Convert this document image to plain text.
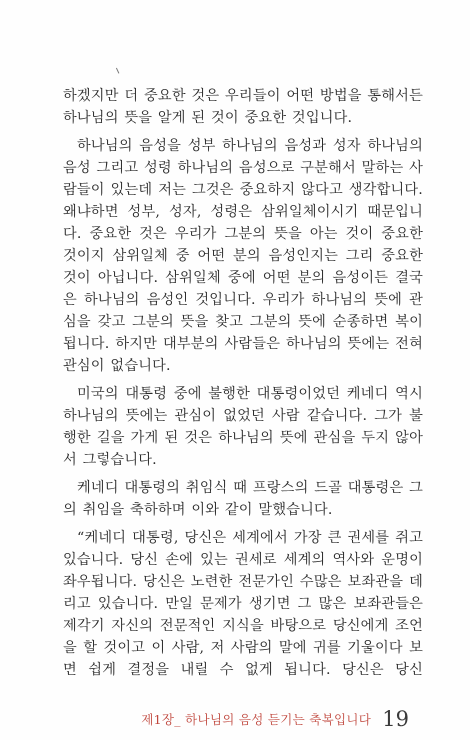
하겠지만 더 중요한 것은 우리들이 어떤 방법을 통해서든 하나님의 뜻을 알게 된 것이 중요한 것입니다.

하나님의 음성을 성부 하나님의 음성과 성자 하나님의 음성 그리고 성령 하나님의 음성으로 구분해서 말하는 사람들이 있는데 저는 그것은 중요하지 않다고 생각합니다. 왜냐하면 성부, 성자, 성령은 삼위일체이시기 때문입니다. 중요한 것은 우리가 그분의 뜻을 아는 것이 중요한 것이지 삼위일체 중 어떤 분의 음성인지는 그리 중요한 것이 아닙니다. 삼위일체 중에 어떤 분의 음성이든 결국은 하나님의 음성인 것입니다. 우리가 하나님의 뜻에 관심을 갖고 그분의 뜻을 찾고 그분의 뜻에 순종하면 복이 됩니다. 하지만 대부분의 사람들은 하나님의 뜻에는 전혀 관심이 없습니다.

미국의 대통령 중에 불행한 대통령이었던 케네디 역시 하나님의 뜻에는 관심이 없었던 사람 같습니다. 그가 불행한 길을 가게 된 것은 하나님의 뜻에 관심을 두지 않아서 그렇습니다.

케네디 대통령의 취임식 때 프랑스의 드골 대통령은 그의 취임을 축하하며 이와 같이 말했습니다.

“케네디 대통령, 당신은 세계에서 가장 큰 권세를 쥐고 있습니다. 당신 손에 있는 권세로 세계의 역사와 운명이 좌우됩니다. 당신은 노련한 전문가인 수많은 보좌관을 데리고 있습니다. 만일 문제가 생기면 그 많은 보좌관들은 제각기 자신의 전문적인 지식을 바탕으로 당신에게 조언을 할 것이고 이 사람, 저 사람의 말에 귀를 기울이다 보면 쉽게 결정을 내릴 수 없게 됩니다. 당신은 당신

제1장_ 하나님의 음성 듣기는 축복입니다 19
